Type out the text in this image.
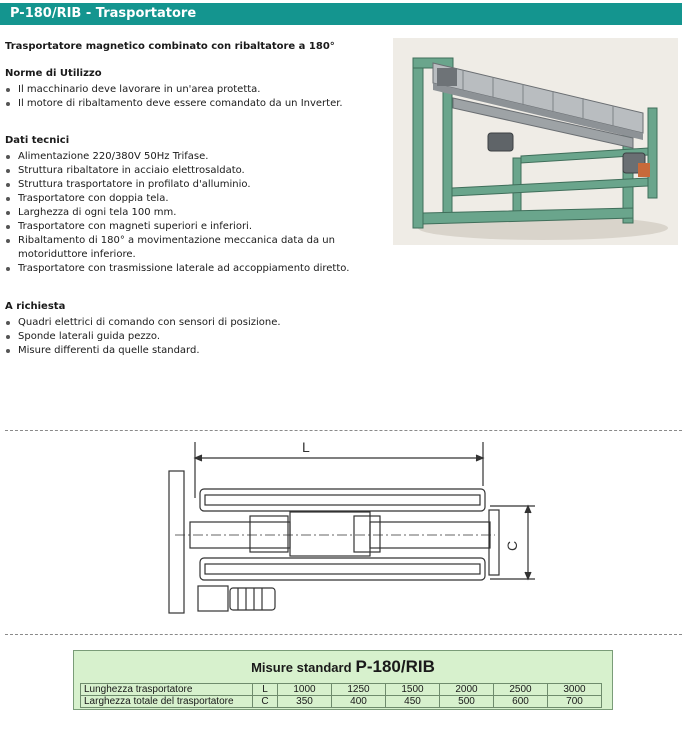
P-180/RIB - Trasportatore
Trasportatore magnetico combinato con ribaltatore a 180°
Norme di Utilizzo
Il macchinario deve lavorare in un'area protetta.
Il motore di ribaltamento deve essere comandato da un Inverter.
Dati tecnici
Alimentazione 220/380V 50Hz Trifase.
Struttura ribaltatore in acciaio elettrosaldato.
Struttura trasportatore in profilato d'alluminio.
Trasportatore con doppia tela.
Larghezza di ogni tela 100 mm.
Trasportatore con magneti superiori e inferiori.
Ribaltamento di 180° a movimentazione meccanica data da un motoriduttore inferiore.
Trasportatore con trasmissione laterale ad accoppiamento diretto.
A richiesta
Quadri elettrici di comando con sensori di posizione.
Sponde laterali guida pezzo.
Misure differenti da quelle standard.
L
C
Misure standard P-180/RIB
Lunghezza trasportatore	L	1000	1250	1500	2000	2500	3000
Larghezza totale del trasportatore	C	350	400	450	500	600	700
